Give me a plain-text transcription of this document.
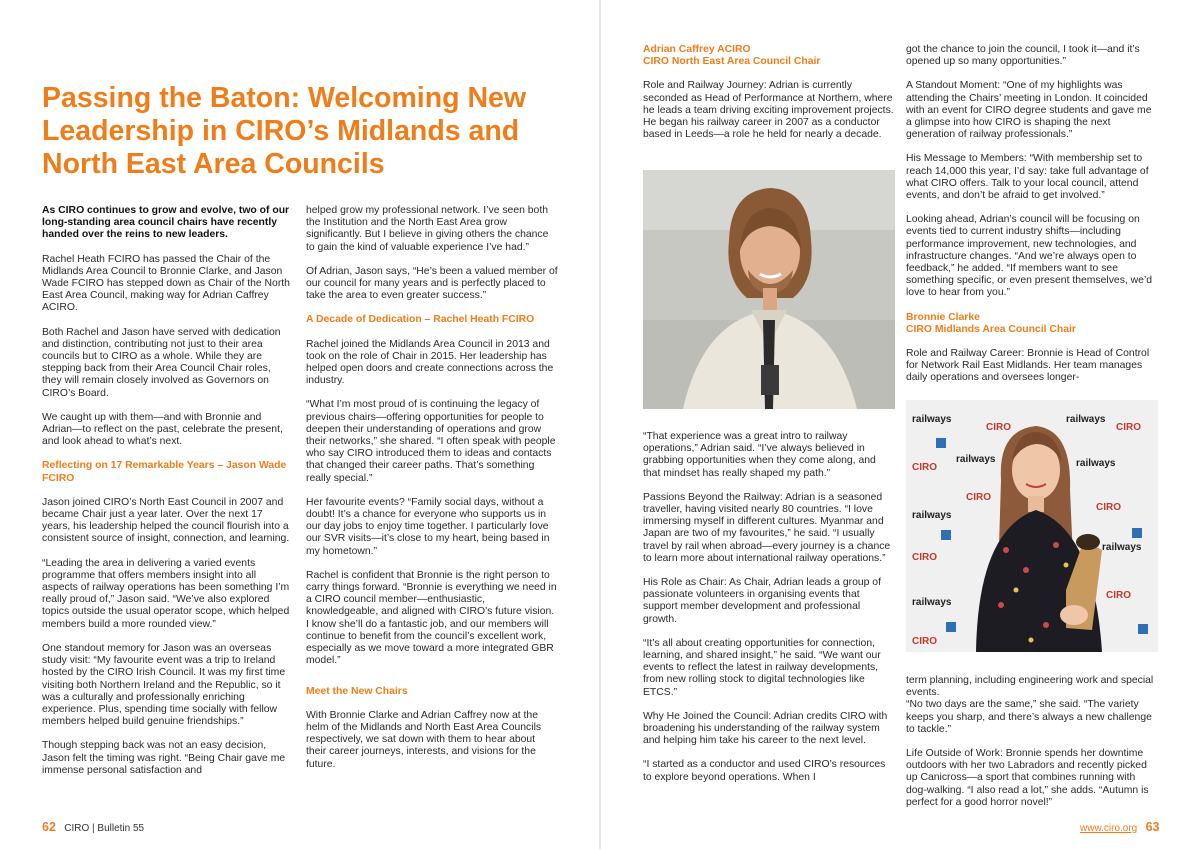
Passing the Baton: Welcoming New Leadership in CIRO’s Midlands and North East Area Councils

As CIRO continues to grow and evolve, two of our long-standing area council chairs have recently handed over the reins to new leaders.

Rachel Heath FCIRO has passed the Chair of the Midlands Area Council to Bronnie Clarke, and Jason Wade FCIRO has stepped down as Chair of the North East Area Council, making way for Adrian Caffrey ACIRO.

Both Rachel and Jason have served with dedication and distinction, contributing not just to their area councils but to CIRO as a whole. While they are stepping back from their Area Council Chair roles, they will remain closely involved as Governors on CIRO’s Board.

We caught up with them—and with Bronnie and Adrian—to reflect on the past, celebrate the present, and look ahead to what’s next.

Reflecting on 17 Remarkable Years – Jason Wade FCIRO

Jason joined CIRO’s North East Council in 2007 and became Chair just a year later. Over the next 17 years, his leadership helped the council flourish into a consistent source of insight, connection, and learning.

“Leading the area in delivering a varied events programme that offers members insight into all aspects of railway operations has been something I’m really proud of,” Jason said. “We’ve also explored topics outside the usual operator scope, which helped members build a more rounded view.”

One standout memory for Jason was an overseas study visit: “My favourite event was a trip to Ireland hosted by the CIRO Irish Council. It was my first time visiting both Northern Ireland and the Republic, so it was a culturally and professionally enriching experience. Plus, spending time socially with fellow members helped build genuine friendships.”

Though stepping back was not an easy decision, Jason felt the timing was right. “Being Chair gave me immense personal satisfaction and

helped grow my professional network. I’ve seen both the Institution and the North East Area grow significantly. But I believe in giving others the chance to gain the kind of valuable experience I’ve had.”

Of Adrian, Jason says, “He’s been a valued member of our council for many years and is perfectly placed to take the area to even greater success.”

A Decade of Dedication – Rachel Heath FCIRO

Rachel joined the Midlands Area Council in 2013 and took on the role of Chair in 2015. Her leadership has helped open doors and create connections across the industry.

“What I’m most proud of is continuing the legacy of previous chairs—offering opportunities for people to deepen their understanding of operations and grow their networks,” she shared. “I often speak with people who say CIRO introduced them to ideas and contacts that changed their career paths. That’s something really special.”

Her favourite events? “Family social days, without a doubt! It’s a chance for everyone who supports us in our day jobs to enjoy time together. I particularly love our SVR visits—it’s close to my heart, being based in my hometown.”

Rachel is confident that Bronnie is the right person to carry things forward. “Bronnie is everything we need in a CIRO council member—enthusiastic, knowledgeable, and aligned with CIRO’s future vision. I know she’ll do a fantastic job, and our members will continue to benefit from the council’s excellent work, especially as we move toward a more integrated GBR model.”

Meet the New Chairs

With Bronnie Clarke and Adrian Caffrey now at the helm of the Midlands and North East Area Councils respectively, we sat down with them to hear about their career journeys, interests, and visions for the future.

62 CIRO | Bulletin 55

Adrian Caffrey ACIRO

CIRO North East Area Council Chair

Role and Railway Journey: Adrian is currently seconded as Head of Performance at Northern, where he leads a team driving exciting improvement projects. He began his railway career in 2007 as a conductor based in Leeds—a role he held for nearly a decade.

“That experience was a great intro to railway operations,” Adrian said. “I’ve always believed in grabbing opportunities when they come along, and that mindset has really shaped my path.”

Passions Beyond the Railway: Adrian is a seasoned traveller, having visited nearly 80 countries. “I love immersing myself in different cultures. Myanmar and Japan are two of my favourites,” he said. “I usually travel by rail when abroad—every journey is a chance to learn more about international railway operations.”

His Role as Chair: As Chair, Adrian leads a group of passionate volunteers in organising events that support member development and professional growth.

“It’s all about creating opportunities for connection, learning, and shared insight,” he said. “We want our events to reflect the latest in railway developments, from new rolling stock to digital technologies like ETCS.”

Why He Joined the Council: Adrian credits CIRO with broadening his understanding of the railway system and helping him take his career to the next level.

“I started as a conductor and used CIRO’s resources to explore beyond operations. When I

got the chance to join the council, I took it—and it’s opened up so many opportunities.”

A Standout Moment: “One of my highlights was attending the Chairs’ meeting in London. It coincided with an event for CIRO degree students and gave me a glimpse into how CIRO is shaping the next generation of railway professionals.”

His Message to Members: “With membership set to reach 14,000 this year, I’d say: take full advantage of what CIRO offers. Talk to your local council, attend events, and don’t be afraid to get involved.”

Looking ahead, Adrian’s council will be focusing on events tied to current industry shifts—including performance improvement, new technologies, and infrastructure changes. “And we’re always open to feedback,” he added. “If members want to see something specific, or even present themselves, we’d love to hear from you.”

Bronnie Clarke

CIRO Midlands Area Council Chair

Role and Railway Career: Bronnie is Head of Control for Network Rail East Midlands. Her team manages daily operations and oversees longer-

railways
CIRO
railways
CIRO
CIRO
railways	railways
railways
CIRO
CIRO
CIRO
railways
railways
CIRO
CIRO

term planning, including engineering work and special events.

“No two days are the same,” she said. “The variety keeps you sharp, and there’s always a new challenge to tackle.”

Life Outside of Work: Bronnie spends her downtime outdoors with her two Labradors and recently picked up Canicross—a sport that combines running with dog-walking. “I also read a lot,” she adds. “Autumn is perfect for a good horror novel!”

www.ciro.org 63
